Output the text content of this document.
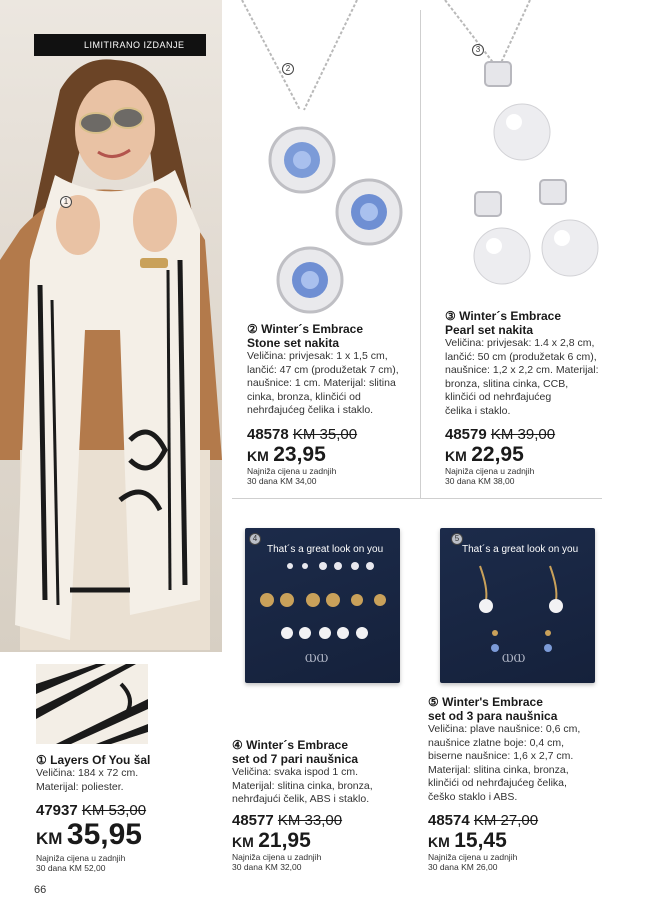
LIMITIRANO IZDANJE
1
2
3
That´s a great look on you
ⲰⲰ
4
That´s a great look on you
ⲰⲰ
5
① Layers Of You šal
Veličina: 184 x 72 cm.
Materijal: poliester.
47937 KM 53,00
KM 35,95
Najniža cijena u zadnjih
30 dana KM 52,00
② Winter´s Embrace
Stone set nakita
Veličina: privjesak: 1 x 1,5 cm,
lančić: 47 cm (produžetak 7 cm),
naušnice: 1 cm. Materijal: slitina
cinka, bronza, klinčići od
nehrđajućeg čelika i staklo.
48578 KM 35,00
KM 23,95
Najniža cijena u zadnjih
30 dana KM 34,00
③ Winter´s Embrace
Pearl set nakita
Veličina: privjesak: 1.4 x 2,8 cm,
lančić: 50 cm (produžetak 6 cm),
naušnice: 1,2 x 2,2 cm. Materijal:
bronza, slitina cinka, CCB,
klinčići od nehrđajućeg
čelika i staklo.
48579 KM 39,00
KM 22,95
Najniža cijena u zadnjih
30 dana KM 38,00
④ Winter´s Embrace
set od 7 pari naušnica
Veličina: svaka ispod 1 cm.
Materijal: slitina cinka, bronza,
nehrđajući čelik, ABS i staklo.
48577 KM 33,00
KM 21,95
Najniža cijena u zadnjih
30 dana KM 32,00
⑤ Winter's Embrace
set od 3 para naušnica
Veličina: plave naušnice: 0,6 cm,
naušnice zlatne boje: 0,4 cm,
biserne naušnice: 1,6 x 2,7 cm.
Materijal: slitina cinka, bronza,
klinčići od nehrđajućeg čelika,
češko staklo i ABS.
48574 KM 27,00
KM 15,45
Najniža cijena u zadnjih
30 dana KM 26,00
66
